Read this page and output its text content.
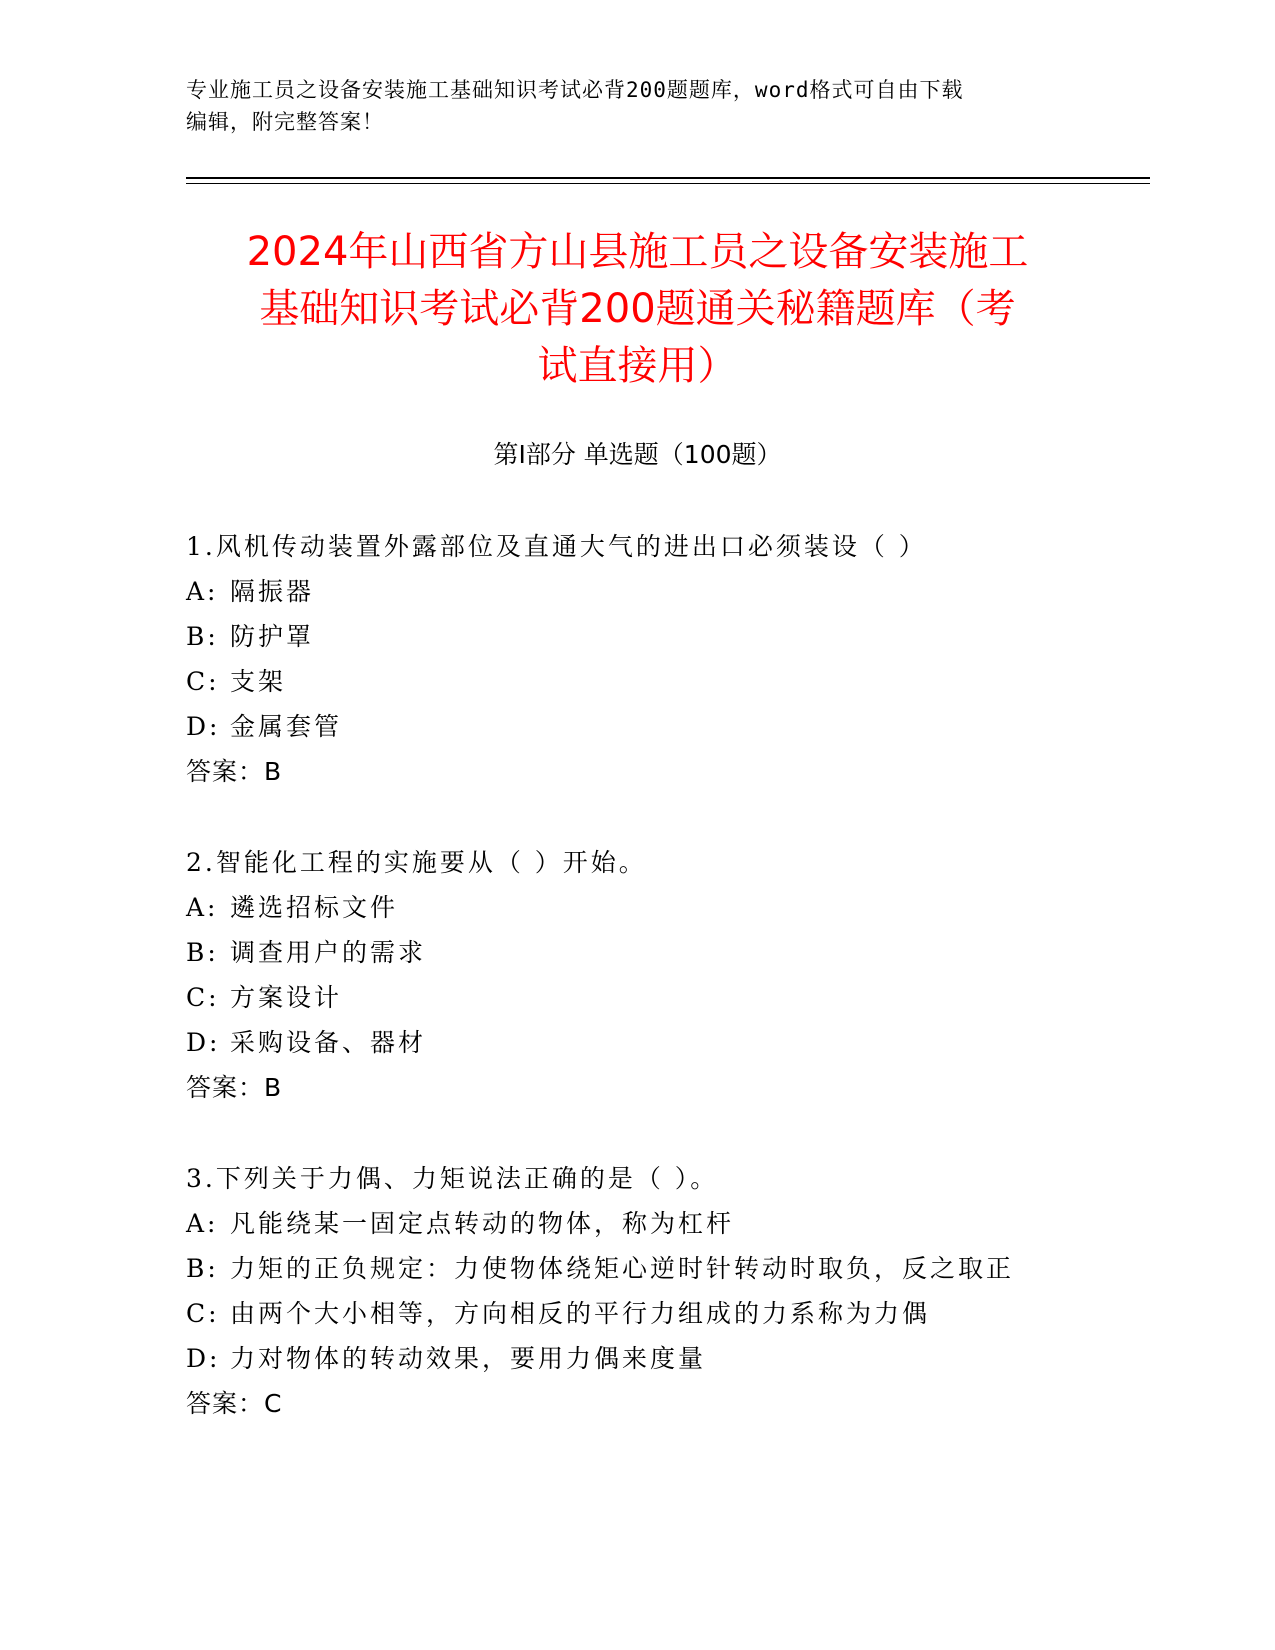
专业施工员之设备安装施工基础知识考试必背200题题库，word格式可自由下载
编辑，附完整答案！
2024年山西省方山县施工员之设备安装施工
基础知识考试必背200题通关秘籍题库（考
试直接用）
第Ⅰ部分 单选题（100题）
1.风机传动装置外露部位及直通大气的进出口必须装设（ ）
A: 隔振器
B: 防护罩
C: 支架
D: 金属套管
答案：B
2.智能化工程的实施要从（ ）开始。
A: 遴选招标文件
B: 调查用户的需求
C: 方案设计
D: 采购设备、器材
答案：B
3.下列关于力偶、力矩说法正确的是（ ）。
A: 凡能绕某一固定点转动的物体，称为杠杆
B: 力矩的正负规定：力使物体绕矩心逆时针转动时取负，反之取正
C: 由两个大小相等，方向相反的平行力组成的力系称为力偶
D: 力对物体的转动效果，要用力偶来度量
答案：C
